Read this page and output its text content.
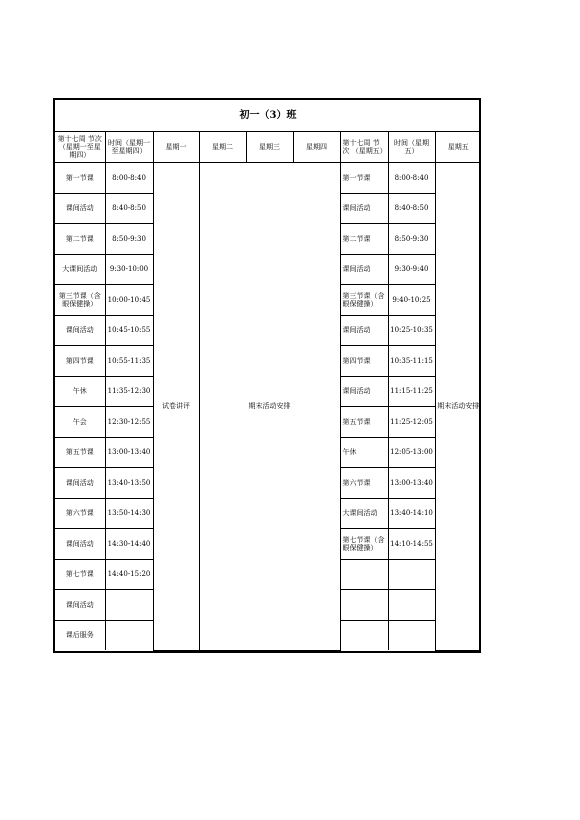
初一（3）班								
第十七周 节次（星期一至星期四）	时间（星期一至星期四）	星期一	星期二	星期三	星期四	第十七周 节次 （星期五）	时间（星期五）	星期五
第一节课	8:00-8:40	试卷讲评	期末活动安排			第一节课	8:00-8:40	期末活动安排
课间活动	8:40-8:50					课间活动	8:40-8:50	
第二节课	8:50-9:30					第二节课	8:50-9:30	
大课间活动	9:30-10:00					课间活动	9:30-9:40	
第三节课（含眼保健操）	10:00-10:45					第三节课（含眼保健操）	9:40-10:25	
课间活动	10:45-10:55					课间活动	10:25-10:35	
第四节课	10:55-11:35					第四节课	10:35-11:15	
午休	11:35-12:30					课间活动	11:15-11:25	
午会	12:30-12:55					第五节课	11:25-12:05	
第五节课	13:00-13:40					午休	12:05-13:00	
课间活动	13:40-13:50					第六节课	13:00-13:40	
第六节课	13:50-14:30					大课间活动	13:40-14:10	
课间活动	14:30-14:40					第七节课（含眼保健操）	14:10-14:55	
第七节课	14:40-15:20							
课间活动								
课后服务								
